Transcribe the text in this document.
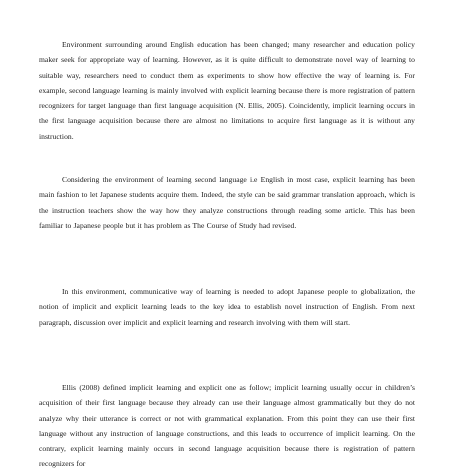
Environment surrounding around English education has been changed; many researcher and education policy maker seek for appropriate way of learning. However, as it is quite difficult to demonstrate novel way of learning to suitable way, researchers need to conduct them as experiments to show how effective the way of learning is. For example, second language learning is mainly involved with explicit learning because there is more registration of pattern recognizers for target language than first language acquisition (N. Ellis, 2005). Coincidently, implicit learning occurs in the first language acquisition because there are almost no limitations to acquire first language as it is without any instruction.

Considering the environment of learning second language i.e English in most case, explicit learning has been main fashion to let Japanese students acquire them. Indeed, the style can be said grammar translation approach, which is the instruction teachers show the way how they analyze constructions through reading some article. This has been familiar to Japanese people but it has problem as The Course of Study had revised.

In this environment, communicative way of learning is needed to adopt Japanese people to globalization, the notion of implicit and explicit learning leads to the key idea to establish novel instruction of English. From next paragraph, discussion over implicit and explicit learning and research involving with them will start.

Ellis (2008) defined implicit learning and explicit one as follow; implicit learning usually occur in children’s acquisition of their first language because they already can use their language almost grammatically but they do not analyze why their utterance is correct or not with grammatical explanation. From this point they can use their first language without any instruction of language constructions, and this leads to occurrence of implicit learning. On the contrary, explicit learning mainly occurs in second language acquisition because there is registration of pattern recognizers for
